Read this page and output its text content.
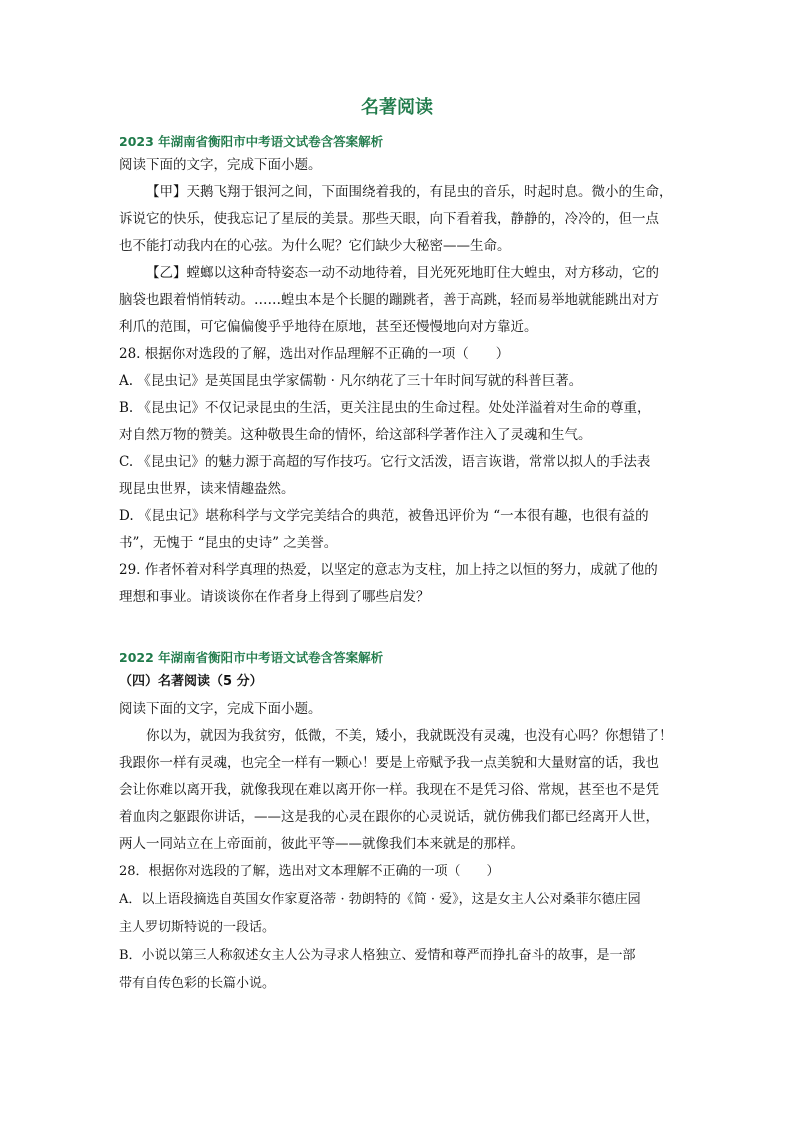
名著阅读

2023 年湖南省衡阳市中考语文试卷含答案解析

阅读下面的文字，完成下面小题。

【甲】天鹅飞翔于银河之间，下面围绕着我的，有昆虫的音乐，时起时息。微小的生命，

诉说它的快乐，使我忘记了星辰的美景。那些天眼，向下看着我，静静的，冷冷的，但一点

也不能打动我内在的心弦。为什么呢？它们缺少大秘密——生命。

【乙】螳螂以这种奇特姿态一动不动地待着，目光死死地盯住大蝗虫，对方移动，它的

脑袋也跟着悄悄转动。……蝗虫本是个长腿的蹦跳者，善于高跳，轻而易举地就能跳出对方

利爪的范围，可它偏偏傻乎乎地待在原地，甚至还慢慢地向对方靠近。

28. 根据你对选段的了解，选出对作品理解不正确的一项（　　）

A. 《昆虫记》是英国昆虫学家儒勒 · 凡尔纳花了三十年时间写就的科普巨著。

B. 《昆虫记》不仅记录昆虫的生活，更关注昆虫的生命过程。处处洋溢着对生命的尊重，

对自然万物的赞美。这种敬畏生命的情怀，给这部科学著作注入了灵魂和生气。

C. 《昆虫记》的魅力源于高超的写作技巧。它行文活泼，语言诙谐，常常以拟人的手法表

现昆虫世界，读来情趣盎然。

D. 《昆虫记》堪称科学与文学完美结合的典范，被鲁迅评价为 “一本很有趣，也很有益的

书”，无愧于 “昆虫的史诗” 之美誉。

29. 作者怀着对科学真理的热爱，以坚定的意志为支柱，加上持之以恒的努力，成就了他的

理想和事业。请谈谈你在作者身上得到了哪些启发？

2022 年湖南省衡阳市中考语文试卷含答案解析

（四）名著阅读（5 分）

阅读下面的文字，完成下面小题。

你以为，就因为我贫穷，低微，不美，矮小，我就既没有灵魂，也没有心吗？你想错了！

我跟你一样有灵魂，也完全一样有一颗心！要是上帝赋予我一点美貌和大量财富的话，我也

会让你难以离开我，就像我现在难以离开你一样。我现在不是凭习俗、常规，甚至也不是凭

着血肉之躯跟你讲话，——这是我的心灵在跟你的心灵说话，就仿佛我们都已经离开人世，

两人一同站立在上帝面前，彼此平等——就像我们本来就是的那样。

28．根据你对选段的了解，选出对文本理解不正确的一项（　　）

A．以上语段摘选自英国女作家夏洛蒂 · 勃朗特的《简 · 爱》，这是女主人公对桑菲尔德庄园

主人罗切斯特说的一段话。

B．小说以第三人称叙述女主人公为寻求人格独立、爱情和尊严而挣扎奋斗的故事，是一部

带有自传色彩的长篇小说。
